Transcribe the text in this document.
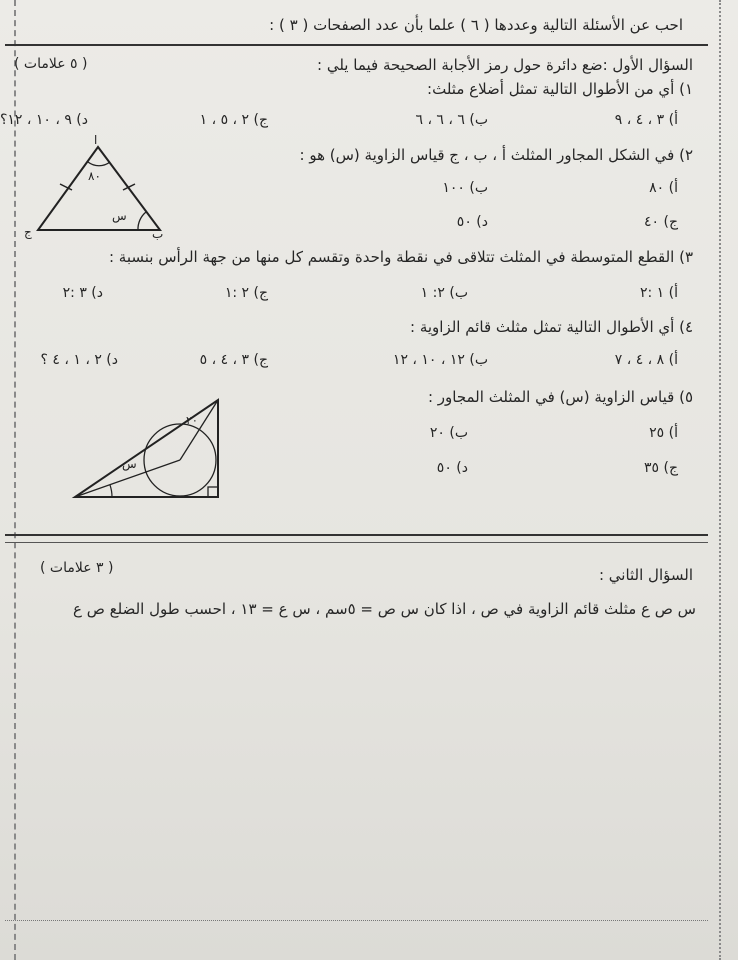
احب عن الأسئلة التالية وعددها ( ٦ ) علما بأن عدد الصفحات ( ٣ ) :
السؤال الأول :ضع دائرة حول رمز الأجابة الصحيحة فيما يلي :
( ٥ علامات )
١) أي من الأطوال التالية تمثل أضلاع مثلث:
أ) ٣ ، ٤ ، ٩
ب) ٦ ، ٦ ، ٦
ج) ٢ ، ٥ ، ١
د) ٩ ، ١٠ ، ١٢؟
٢) في الشكل المجاور المثلث أ ، ب ، ج قياس الزاوية (س) هو :
أ) ٨٠
ب) ١٠٠
ج) ٤٠
د) ٥٠
ا
ج	ب
٨٠
س
٣) القطع المتوسطة في المثلث تتلاقى في نقطة واحدة وتقسم كل منها من جهة الرأس بنسبة :
أ) ١ :٢
ب) ٢: ١
ج) ٢ :١
د) ٣ :٢
٤) أي الأطوال التالية تمثل مثلث قائم الزاوية :
أ) ٨ ، ٤ ، ٧
ب) ١٢ ، ١٠ ، ١٢
ج) ٣ ، ٤ ، ٥
د) ٢ ، ١ ، ٤ ؟
٥) قياس الزاوية (س) في المثلث المجاور :
أ) ٢٥
ب) ٢٠
ج) ٣٥
د) ٥٠
س
٢٠
السؤال الثاني :
( ٣ علامات )
س ص ع مثلث قائم الزاوية في ص ، اذا كان س ص = ٥سم ، س ع = ١٣ ، احسب طول الضلع ص ع
